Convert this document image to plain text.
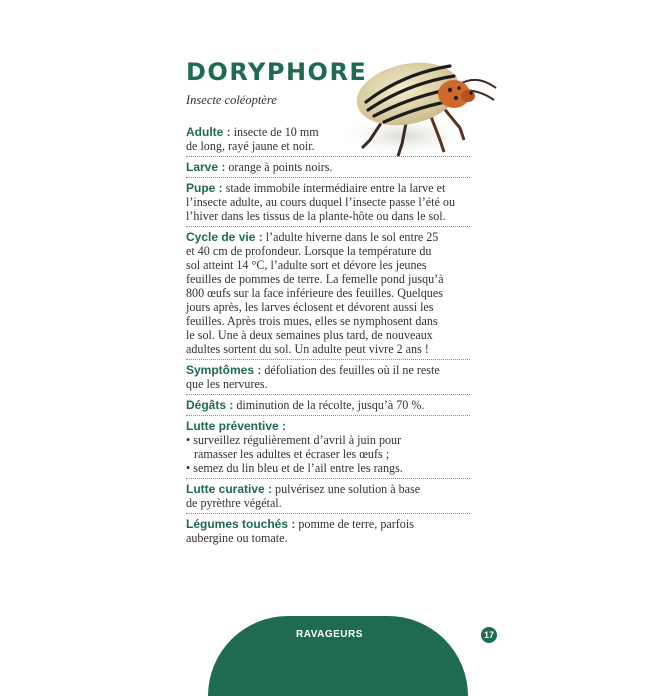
DORYPHORE
Insecte coléoptère
Adulte : insecte de 10 mm
de long, rayé jaune et noir.
Larve : orange à points noirs.
Pupe : stade immobile intermédiaire entre la larve et
l’insecte adulte, au cours duquel l’insecte passe l’été ou
l’hiver dans les tissus de la plante-hôte ou dans le sol.
Cycle de vie : l’adulte hiverne dans le sol entre 25
et 40 cm de profondeur. Lorsque la température du
sol atteint 14 °C, l’adulte sort et dévore les jeunes
feuilles de pommes de terre. La femelle pond jusqu’à
800 œufs sur la face inférieure des feuilles. Quelques
jours après, les larves éclosent et dévorent aussi les
feuilles. Après trois mues, elles se nymphosent dans
le sol. Une à deux semaines plus tard, de nouveaux
adultes sortent du sol. Un adulte peut vivre 2 ans !
Symptômes : défoliation des feuilles où il ne reste
que les nervures.
Dégâts : diminution de la récolte, jusqu’à 70 %.
Lutte préventive :
• surveillez régulièrement d’avril à juin pour
ramasser les adultes et écraser les œufs ;
• semez du lin bleu et de l’ail entre les rangs.
Lutte curative : pulvérisez une solution à base
de pyrèthre végétal.
Légumes touchés : pomme de terre, parfois
aubergine ou tomate.
RAVAGEURS	17
